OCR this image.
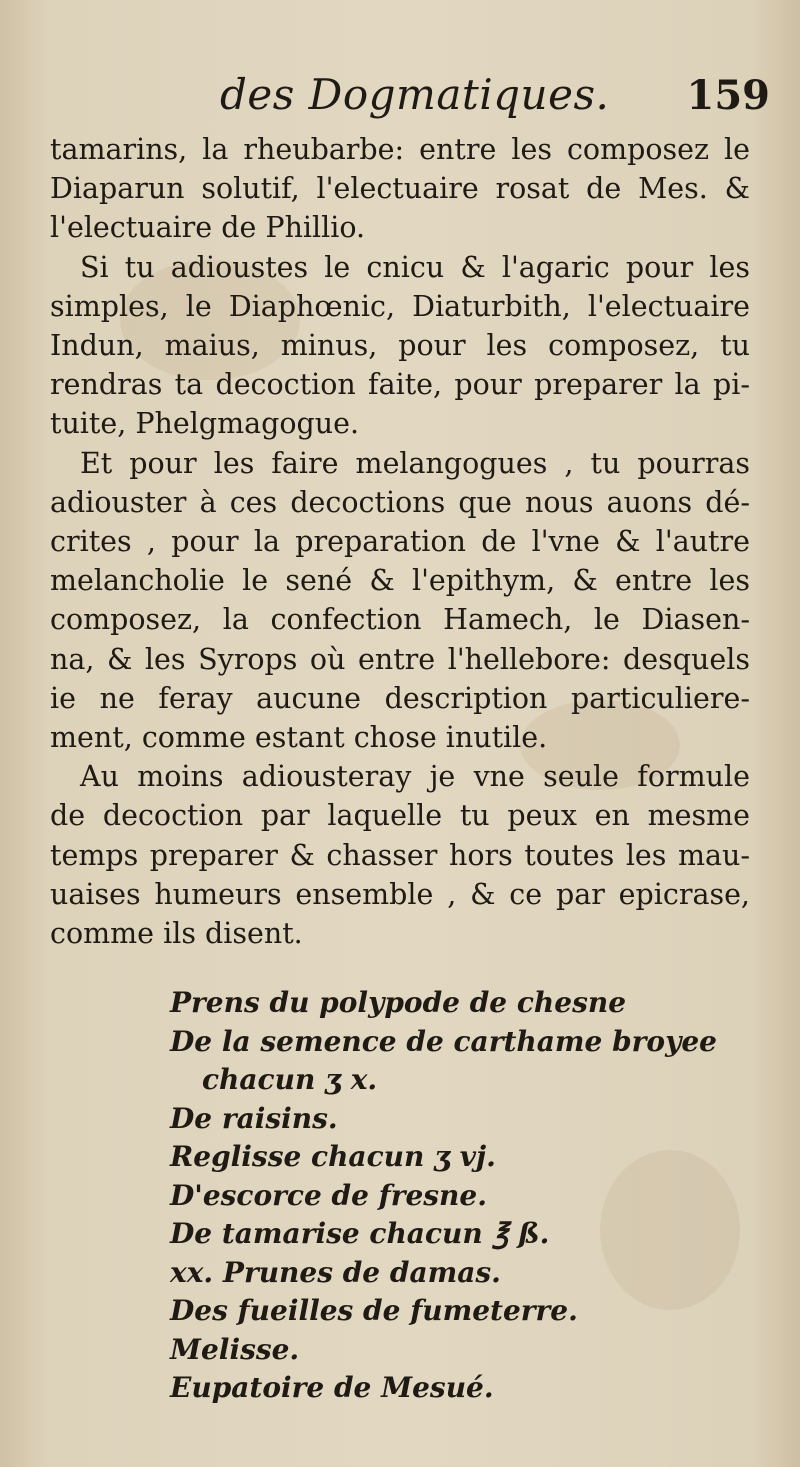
des Dogmatiques. 159
tamarins, la rheubarbe: entre les composez le
Diaparun solutif, l'electuaire rosat de Mes. &
l'electuaire de Phillio.
Si tu adioustes le cnicu & l'agaric pour les
simples, le Diaphœnic, Diaturbith, l'electuaire
Indun, maius, minus, pour les composez, tu
rendras ta decoction faite, pour preparer la pi-
tuite, Phelgmagogue.
Et pour les faire melangogues , tu pourras
adiouster à ces decoctions que nous auons dé-
crites , pour la preparation de l'vne & l'autre
melancholie le sené & l'epithym, & entre les
composez, la confection Hamech, le Diasen-
na, & les Syrops où entre l'hellebore: desquels
ie ne feray aucune description particuliere-
ment, comme estant chose inutile.
Au moins adiousteray je vne seule formule
de decoction par laquelle tu peux en mesme
temps preparer & chasser hors toutes les mau-
uaises humeurs ensemble , & ce par epicrase,
comme ils disent.
Prens du polypode de chesne
De la semence de carthame broyee
chacun ʒ x.
De raisins.
Reglisse chacun ʒ vj.
D'escorce de fresne.
De tamarise chacun ℥ ß.
xx. Prunes de damas.
Des fueilles de fumeterre.
Melisse.
Eupatoire de Mesué.
